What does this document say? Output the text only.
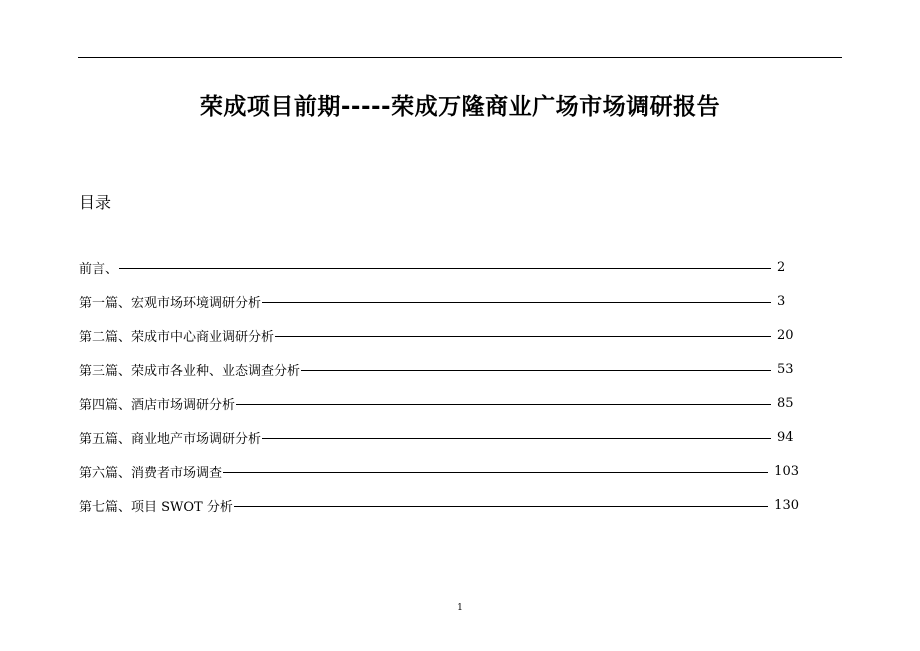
荣成项目前期-----荣成万隆商业广场市场调研报告
目录
前言、	2
第一篇、宏观市场环境调研分析	3
第二篇、荣成市中心商业调研分析	20
第三篇、荣成市各业种、业态调查分析	53
第四篇、酒店市场调研分析	85
第五篇、商业地产市场调研分析	94
第六篇、消费者市场调查	103
第七篇、项目 SWOT 分析	130
1
